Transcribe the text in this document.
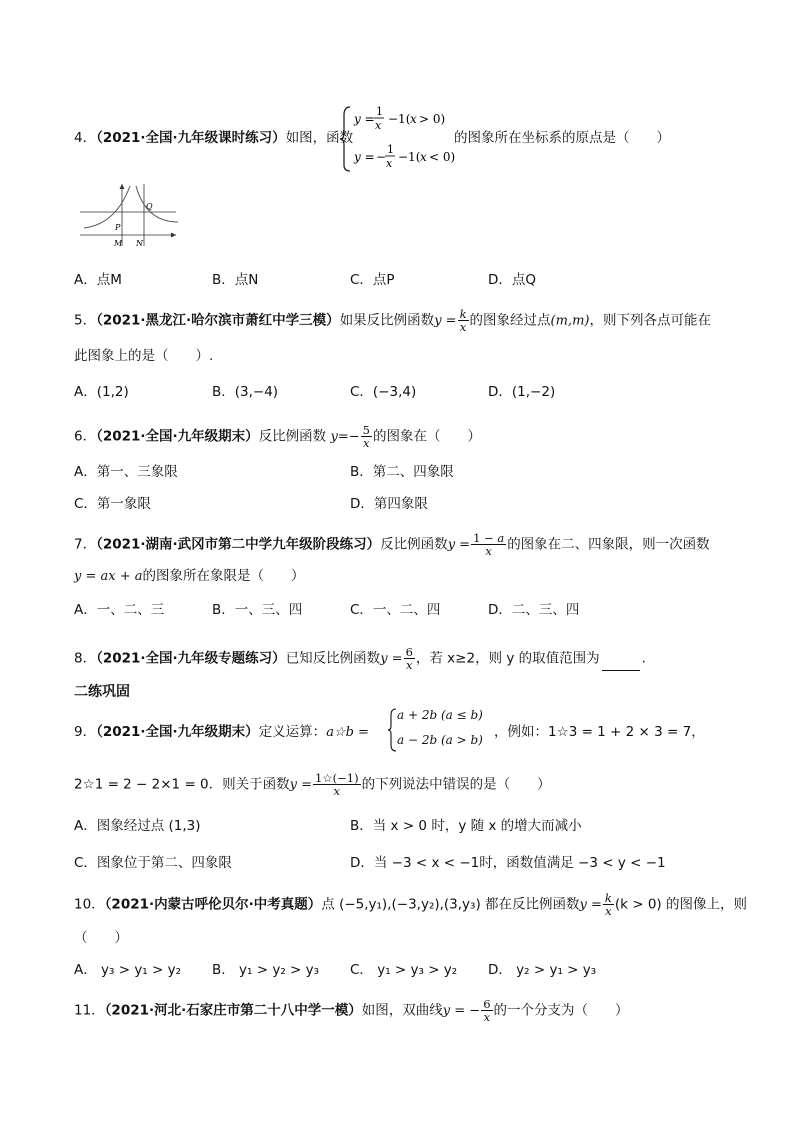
4．（2021·全国·九年级课时练习）如图，函数
y =
1
x −1( x > 0)
y = −
1
x −1( x < 0)
的图象所在坐标系的原点是（　　）
P
Q
M N
A．点M	B．点N	C．点P	D．点Q
5．（2021·黑龙江·哈尔滨市萧红中学三模）如果反比例函数$y = \frac{k}{x}$ 的图象经过点(m,m)，则下列各点可能在
此图象上的是（　　）.
A．(1,2)	B．(3,−4)	C．(−3,4)	D．(1,−2)
6．（2021·全国·九年级期末）反比例函数 $y=- \frac{5}{x}$ 的图象在（　　）
A．第一、三象限	B．第二、四象限
C．第一象限	D．第四象限
7．（2021·湖南·武冈市第二中学九年级阶段练习）反比例函数$y = \frac{1 - a}{x}$ 的图象在二、四象限，则一次函数
y = ax + a的图象所在象限是（　　）
A．一、二、三	B．一、三、四	C．一、二、四	D．二、三、四
8．（2021·全国·九年级专题练习）已知反比例函数$y = \frac{6}{x}$ ，若 x≥2，则 y 的取值范围为	.
二练巩固
9．（2021·全国·九年级期末）定义运算：a☆b =
a + 2b (a ≤ b)
a − 2b (a > b) ，例如：1☆3 = 1 + 2 × 3 = 7，
2☆1 = 2 − 2×1 = 0．则关于函数$y = \frac{1☆(-1)}{x}$ 的下列说法中错误的是（　　）
A．图象经过点 (1,3)	B．当 x > 0 时，y 随 x 的增大而减小
C．图象位于第二、四象限	D．当 −3 < x < −1时，函数值满足 −3 < y < −1
10．（2021·内蒙古呼伦贝尔·中考真题）点 (−5,y₁),(−3,y₂),(3,y₃) 都在反比例函数$y = \frac{k}{x} (k > 0)$ 的图像上，则
（　　）
A． y₃ > y₁ > y₂ B． y₁ > y₂ > y₃ C． y₁ > y₃ > y₂ D． y₂ > y₁ > y₃
11．（2021·河北·石家庄市第二十八中学一模）如图，双曲线y = − $\frac{6}{x}$ 的一个分支为（　　）
